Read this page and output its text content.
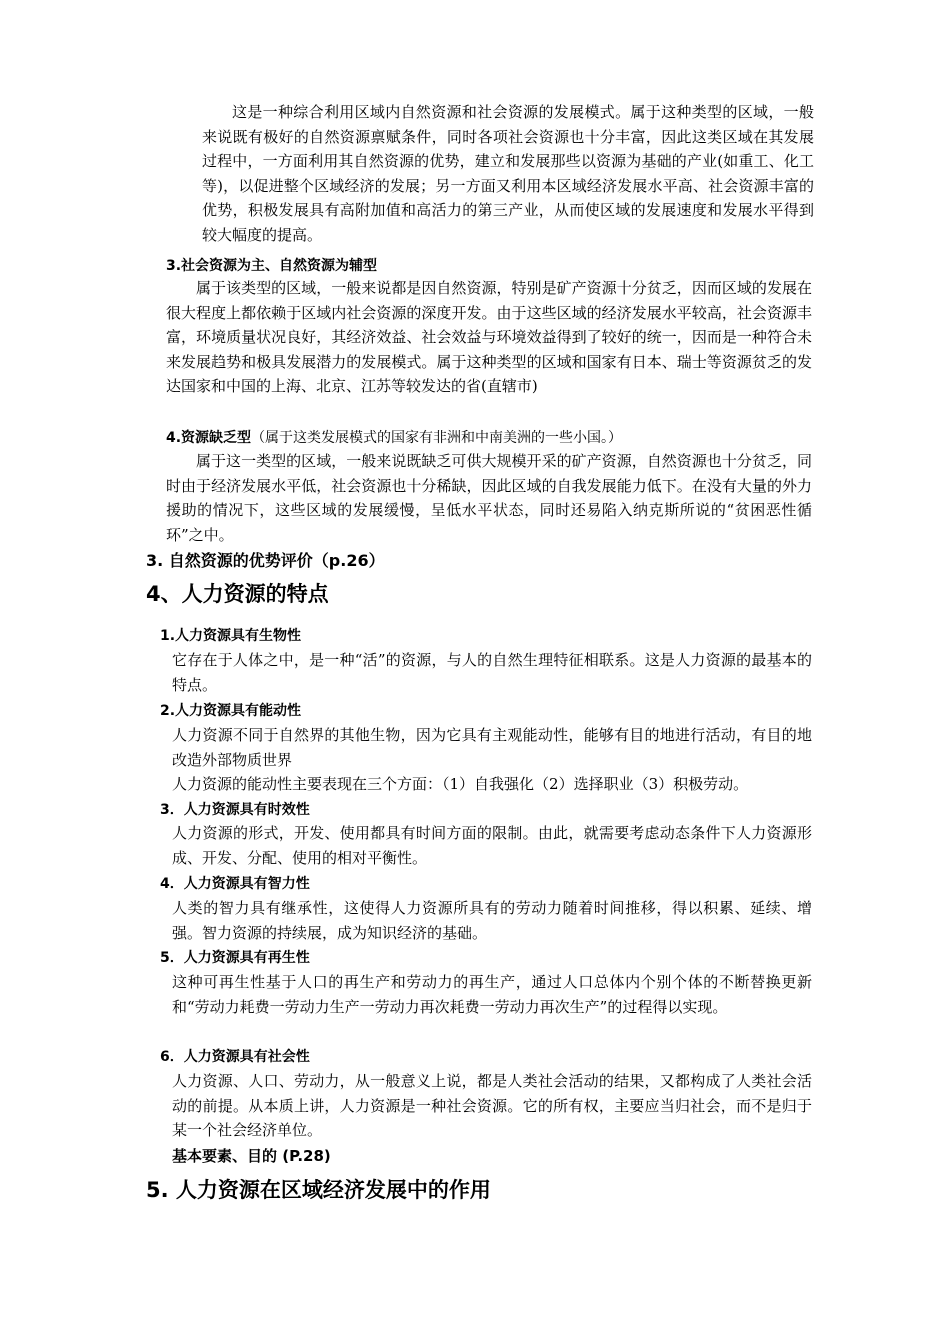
这是一种综合利用区域内自然资源和社会资源的发展模式。属于这种类型的区域，一般来说既有极好的自然资源禀赋条件，同时各项社会资源也十分丰富，因此这类区域在其发展过程中，一方面利用其自然资源的优势，建立和发展那些以资源为基础的产业(如重工、化工等)，以促进整个区域经济的发展；另一方面又利用本区域经济发展水平高、社会资源丰富的优势，积极发展具有高附加值和高活力的第三产业，从而使区域的发展速度和发展水平得到较大幅度的提高。

3.社会资源为主、自然资源为辅型

属于该类型的区域，一般来说都是因自然资源，特别是矿产资源十分贫乏，因而区域的发展在很大程度上都依赖于区域内社会资源的深度开发。由于这些区域的经济发展水平较高，社会资源丰富，环境质量状况良好，其经济效益、社会效益与环境效益得到了较好的统一，因而是一种符合未来发展趋势和极具发展潜力的发展模式。属于这种类型的区域和国家有日本、瑞士等资源贫乏的发达国家和中国的上海、北京、江苏等较发达的省(直辖市)

4.资源缺乏型（属于这类发展模式的国家有非洲和中南美洲的一些小国。）

属于这一类型的区域，一般来说既缺乏可供大规模开采的矿产资源，自然资源也十分贫乏，同时由于经济发展水平低，社会资源也十分稀缺，因此区域的自我发展能力低下。在没有大量的外力援助的情况下，这些区域的发展缓慢，呈低水平状态，同时还易陷入纳克斯所说的“贫困恶性循环”之中。

3. 自然资源的优势评价（p.26）
4、人力资源的特点
1.人力资源具有生物性

它存在于人体之中，是一种“活”的资源，与人的自然生理特征相联系。这是人力资源的最基本的特点。

2.人力资源具有能动性

人力资源不同于自然界的其他生物，因为它具有主观能动性，能够有目的地进行活动，有目的地改造外部物质世界

人力资源的能动性主要表现在三个方面：（1）自我强化（2）选择职业（3）积极劳动。

3．人力资源具有时效性

人力资源的形式，开发、使用都具有时间方面的限制。由此，就需要考虑动态条件下人力资源形成、开发、分配、使用的相对平衡性。

4．人力资源具有智力性

人类的智力具有继承性，这使得人力资源所具有的劳动力随着时间推移，得以积累、延续、增强。智力资源的持续展，成为知识经济的基础。

5．人力资源具有再生性

这种可再生性基于人口的再生产和劳动力的再生产，通过人口总体内个别个体的不断替换更新和“劳动力耗费一劳动力生产一劳动力再次耗费一劳动力再次生产”的过程得以实现。

6．人力资源具有社会性

人力资源、人口、劳动力，从一般意义上说，都是人类社会活动的结果，又都构成了人类社会活动的前提。从本质上讲，人力资源是一种社会资源。它的所有权，主要应当归社会，而不是归于某一个社会经济单位。

基本要素、目的 (P.28)
5. 人力资源在区域经济发展中的作用
